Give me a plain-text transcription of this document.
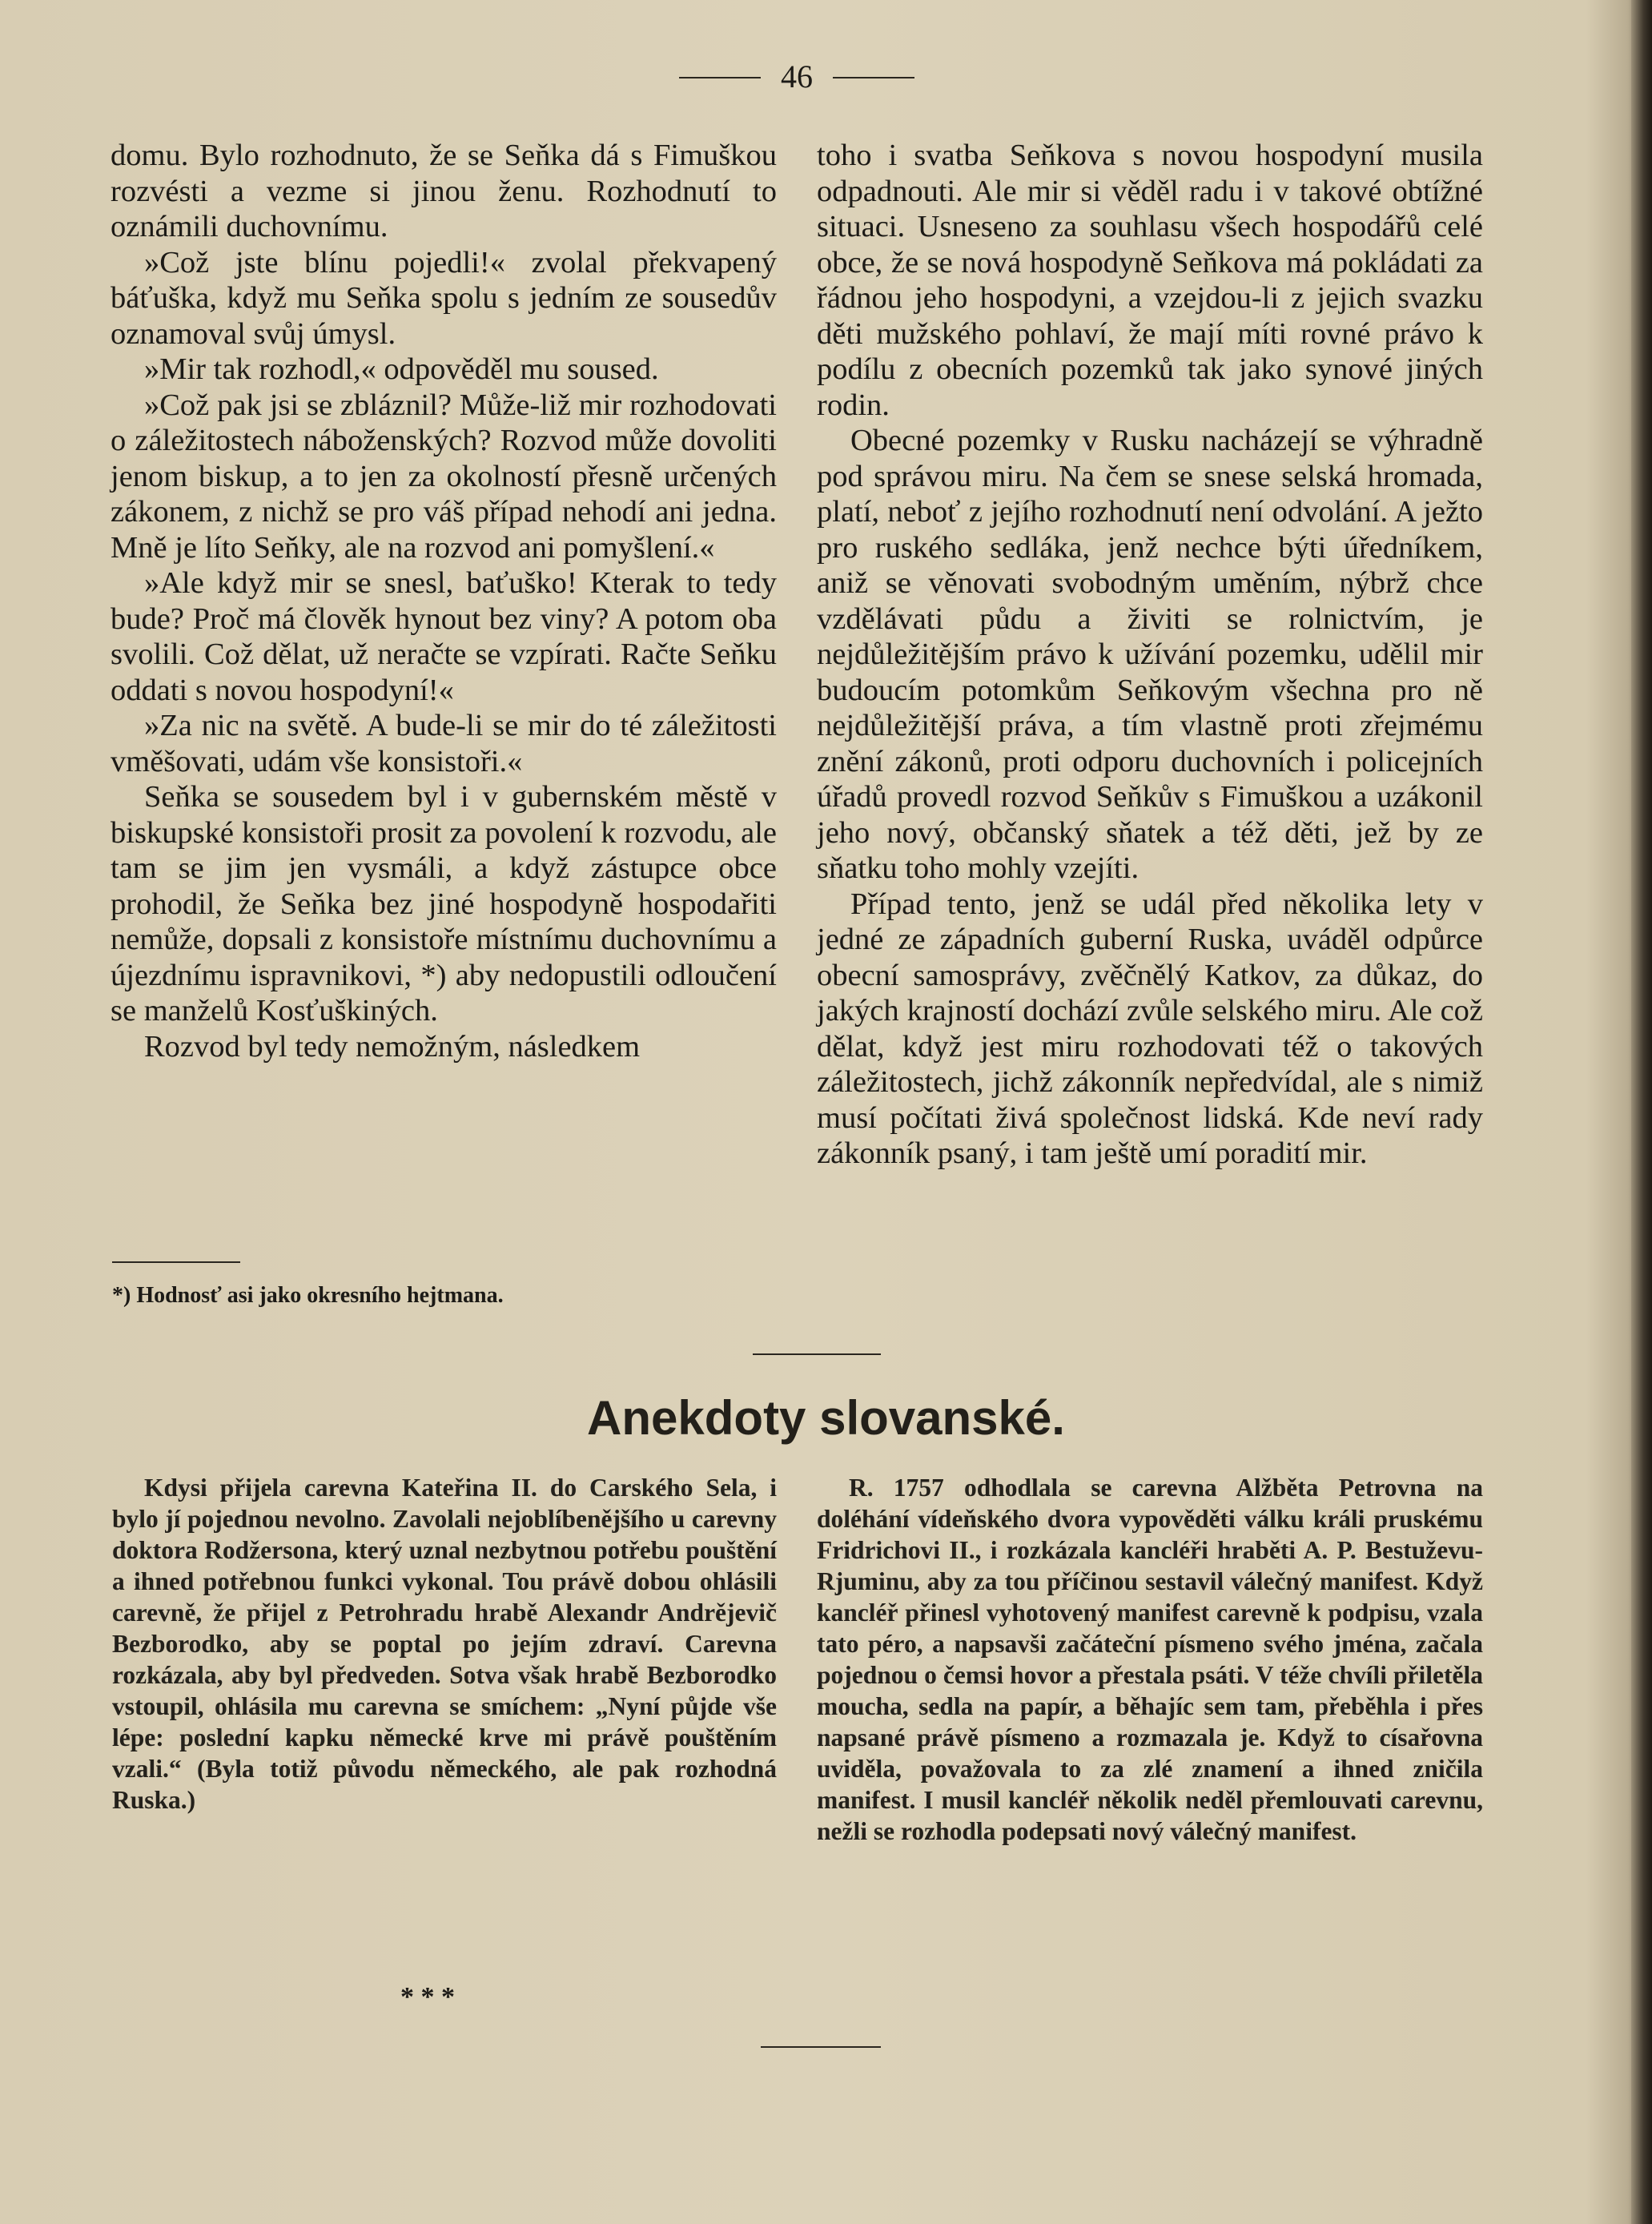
46

domu. Bylo rozhodnuto, že se Seňka dá s Fimuškou rozvésti a vezme si jinou ženu. Rozhodnutí to oznámili duchovnímu.

»Což jste blínu pojedli!« zvolal překvapený báťuška, když mu Seňka spolu s jedním ze sousedův oznamoval svůj úmysl.

»Mir tak rozhodl,« odpověděl mu soused.

»Což pak jsi se zbláznil? Může-liž mir rozhodovati o záležitostech náboženských? Rozvod může dovoliti jenom biskup, a to jen za okolností přesně určených zákonem, z nichž se pro váš případ nehodí ani jedna. Mně je líto Seňky, ale na rozvod ani pomyšlení.«

»Ale když mir se snesl, baťuško! Kterak to tedy bude? Proč má člověk hynout bez viny? A potom oba svolili. Což dělat, už neračte se vzpírati. Račte Seňku oddati s novou hospodyní!«

»Za nic na světě. A bude-li se mir do té záležitosti vměšovati, udám vše konsistoři.«

Seňka se sousedem byl i v gubernském městě v biskupské konsistoři prosit za povolení k rozvodu, ale tam se jim jen vysmáli, a když zástupce obce prohodil, že Seňka bez jiné hospodyně hospodařiti nemůže, dopsali z konsistoře místnímu duchovnímu a újezdnímu ispravnikovi, *) aby nedopustili odloučení se manželů Kosťuškiných.

Rozvod byl tedy nemožným, následkem

toho i svatba Seňkova s novou hospodyní musila odpadnouti. Ale mir si věděl radu i v takové obtížné situaci. Usneseno za souhlasu všech hospodářů celé obce, že se nová hospodyně Seňkova má pokládati za řádnou jeho hospodyni, a vzejdou-li z jejich svazku děti mužského pohlaví, že mají míti rovné právo k podílu z obecních pozemků tak jako synové jiných rodin.

Obecné pozemky v Rusku nacházejí se výhradně pod správou miru. Na čem se snese selská hromada, platí, neboť z jejího rozhodnutí není odvolání. A ježto pro ruského sedláka, jenž nechce býti úředníkem, aniž se věnovati svobodným uměním, nýbrž chce vzdělávati půdu a živiti se rolnictvím, je nejdůležitějším právo k užívání pozemku, udělil mir budoucím potomkům Seňkovým všechna pro ně nejdůležitější práva, a tím vlastně proti zřejmému znění zákonů, proti odporu duchovních i policejních úřadů provedl rozvod Seňkův s Fimuškou a uzákonil jeho nový, občanský sňatek a též děti, jež by ze sňatku toho mohly vzejíti.

Případ tento, jenž se udál před několika lety v jedné ze západních guberní Ruska, uváděl odpůrce obecní samosprávy, zvěčnělý Katkov, za důkaz, do jakých krajností dochází zvůle selského miru. Ale což dělat, když jest miru rozhodovati též o takových záležitostech, jichž zákonník nepředvídal, ale s nimiž musí počítati živá společnost lidská. Kde neví rady zákonník psaný, i tam ještě umí poradití mir.

*) Hodnosť asi jako okresního hejtmana.
Anekdoty slovanské.

Kdysi přijela carevna Kateřina II. do Carského Sela, i bylo jí pojednou nevolno. Zavolali nejoblíbenějšího u carevny doktora Rodžersona, který uznal nezbytnou potřebu pouštění a ihned potřebnou funkci vykonal. Tou právě dobou ohlásili carevně, že přijel z Petrohradu hrabě Alexandr Andrějevič Bezborodko, aby se poptal po jejím zdraví. Carevna rozkázala, aby byl předveden. Sotva však hrabě Bezborodko vstoupil, ohlásila mu carevna se smíchem: „Nyní půjde vše lépe: poslední kapku německé krve mi právě pouštěním vzali.“ (Byla totiž původu německého, ale pak rozhodná Ruska.)

* * *

R. 1757 odhodlala se carevna Alžběta Petrovna na doléhání vídeňského dvora vypověděti válku králi pruskému Fridrichovi II., i rozkázala kancléři hraběti A. P. Bestuževu-Rjuminu, aby za tou příčinou sestavil válečný manifest. Když kancléř přinesl vyhotovený manifest carevně k podpisu, vzala tato péro, a napsavši začáteční písmeno svého jména, začala pojednou o čemsi hovor a přestala psáti. V téže chvíli přiletěla moucha, sedla na papír, a běhajíc sem tam, přeběhla i přes napsané právě písmeno a rozmazala je. Když to císařovna uviděla, považovala to za zlé znamení a ihned zničila manifest. I musil kancléř několik neděl přemlouvati carevnu, nežli se rozhodla podepsati nový válečný manifest.
